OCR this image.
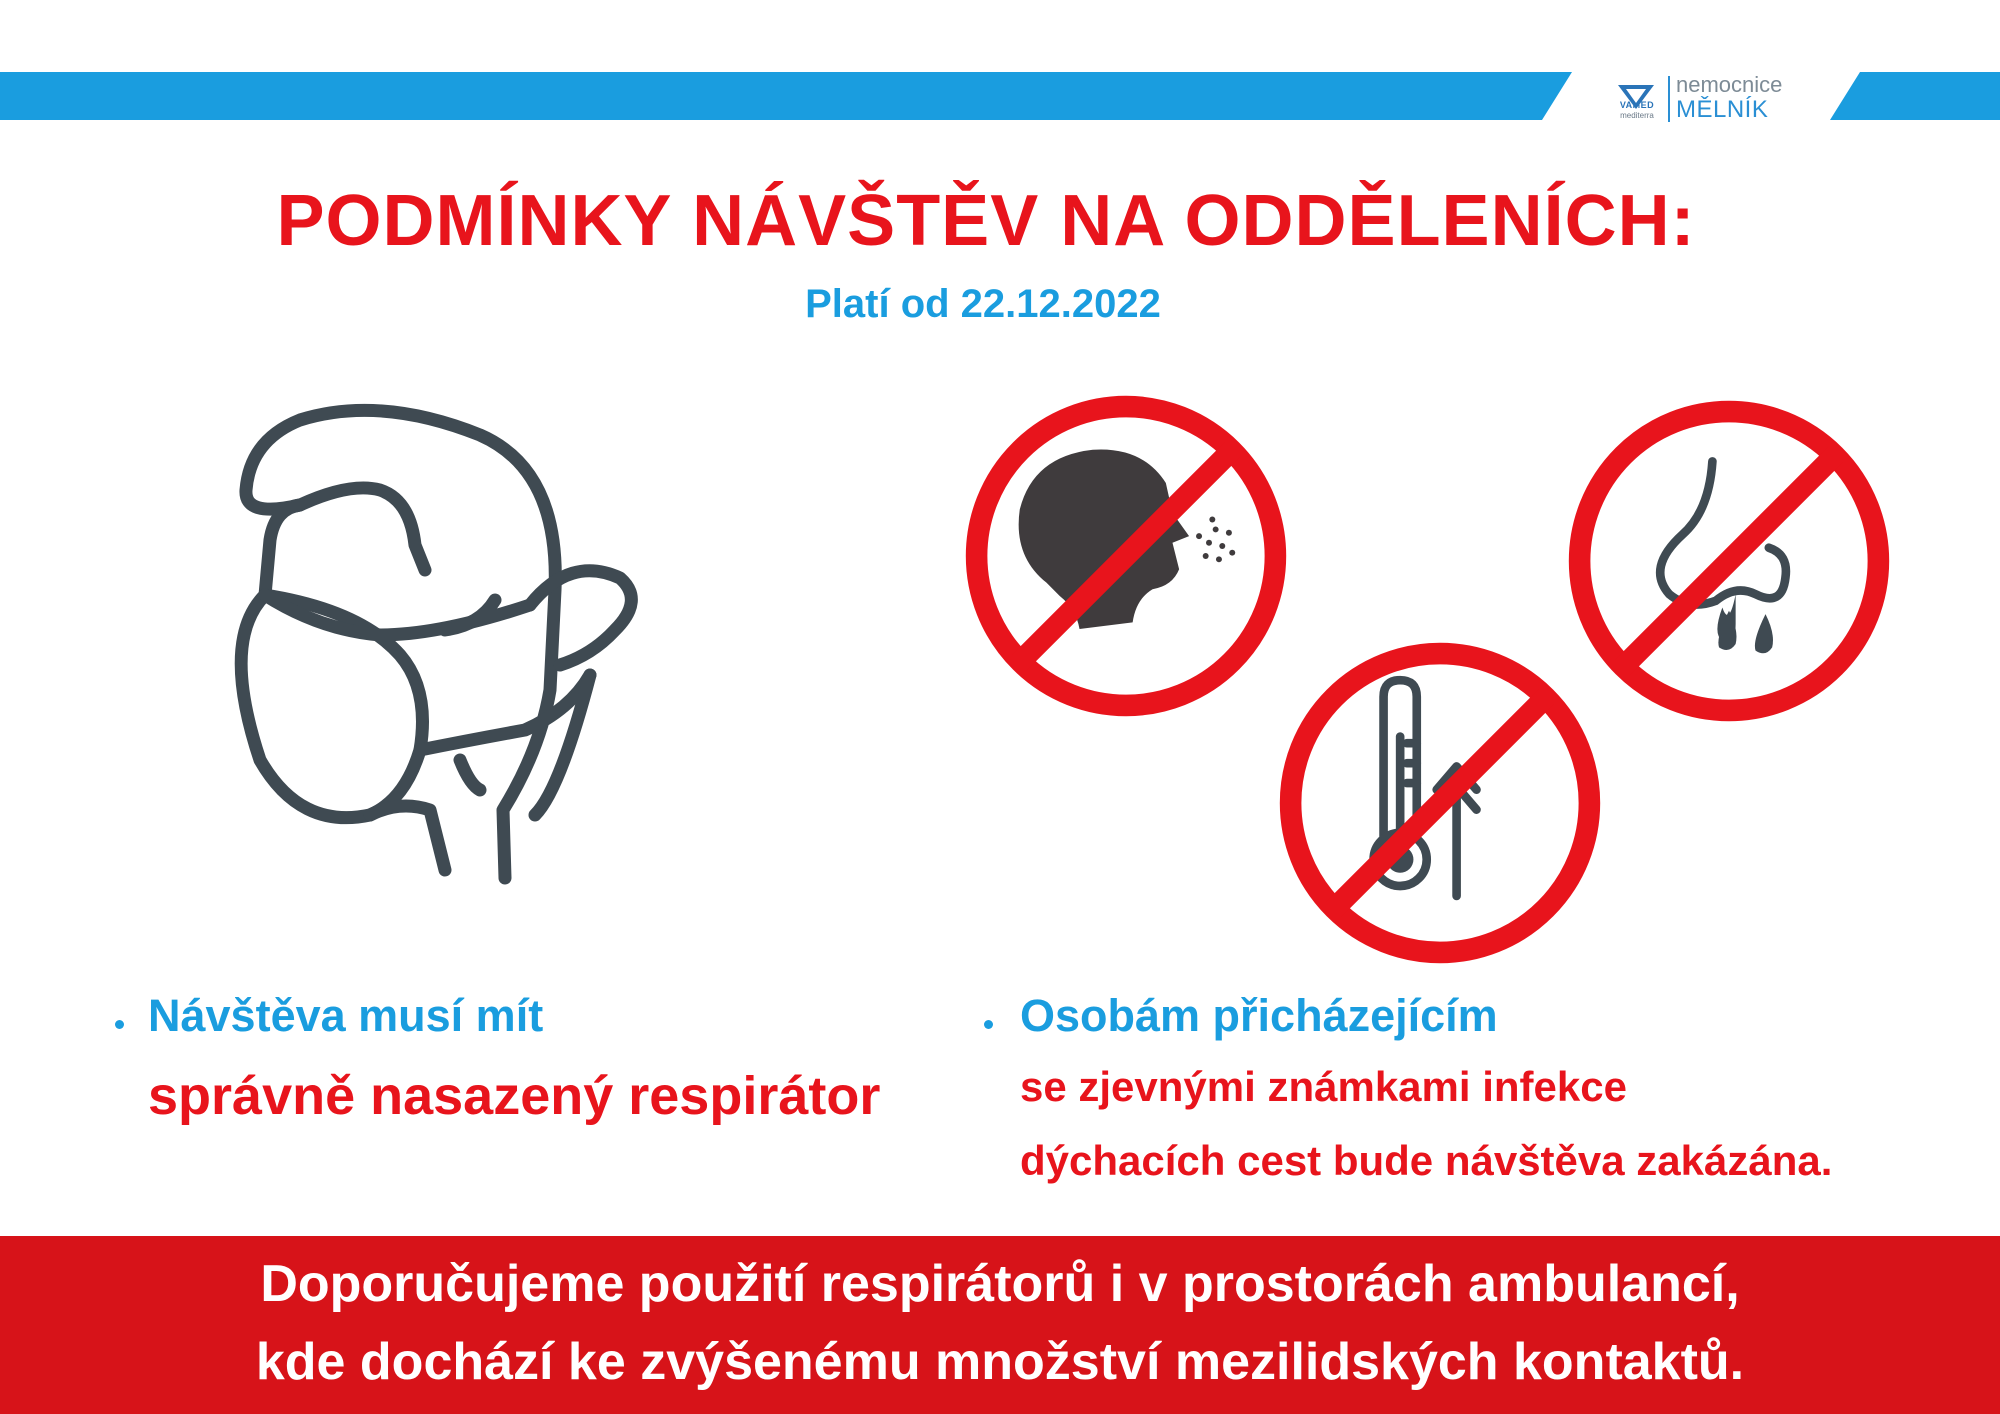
VAMED
mediterra
nemocnice
MĚLNÍK
PODMÍNKY NÁVŠTĚV NA ODDĚLENÍCH:
Platí od 22.12.2022
Návštěva musí mít
správně nasazený respirátor
Osobám přicházejícím
se zjevnými známkami infekce
dýchacích cest bude návštěva zakázána.
Doporučujeme použití respirátorů i v prostorách ambulancí,
kde dochází ke zvýšenému množství mezilidských kontaktů.
